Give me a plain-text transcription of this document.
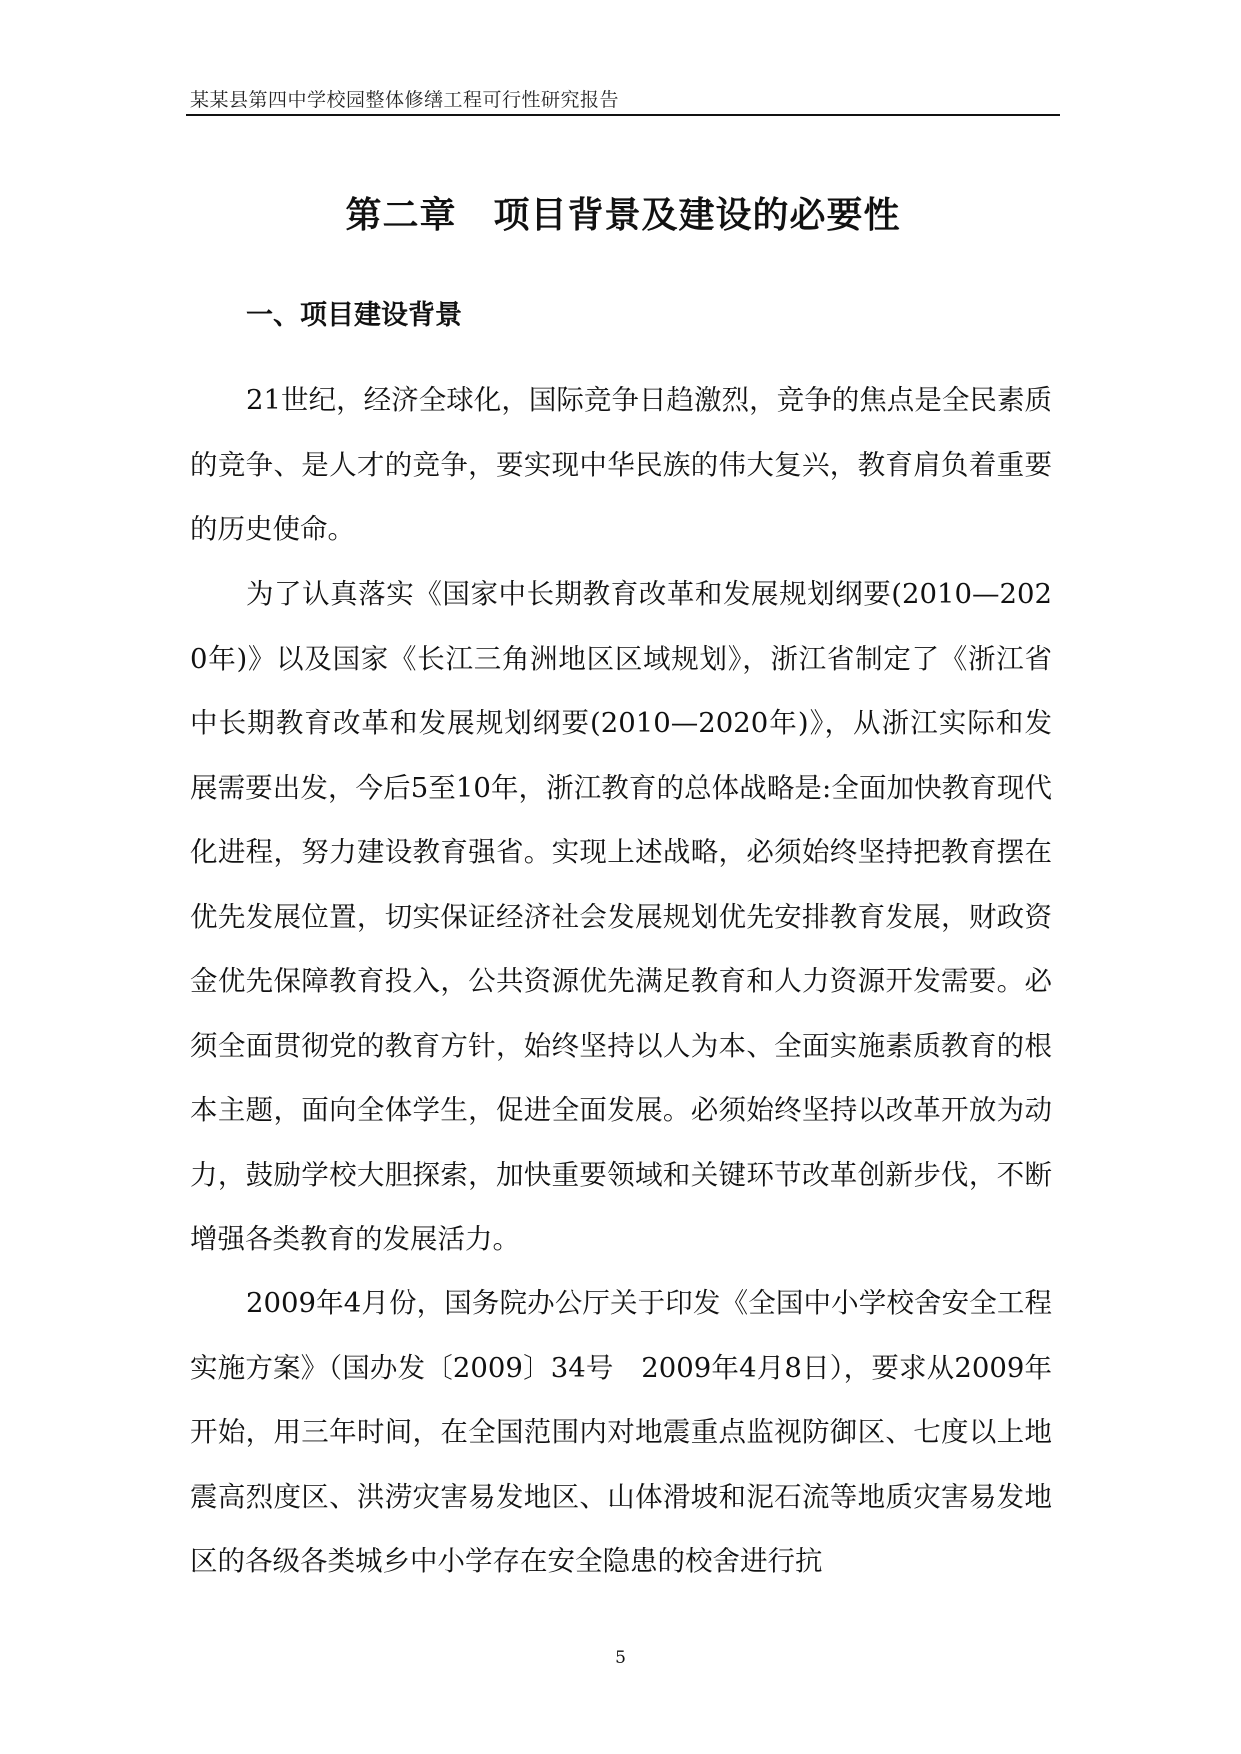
某某县第四中学校园整体修缮工程可行性研究报告
第二章　项目背景及建设的必要性
一、项目建设背景

21世纪，经济全球化，国际竞争日趋激烈，竞争的焦点是全民素质的竞争、是人才的竞争，要实现中华民族的伟大复兴，教育肩负着重要的历史使命。

为了认真落实《国家中长期教育改革和发展规划纲要(2010—2020年)》以及国家《长江三角洲地区区域规划》，浙江省制定了《浙江省中长期教育改革和发展规划纲要(2010—2020年)》，从浙江实际和发展需要出发，今后5至10年，浙江教育的总体战略是:全面加快教育现代化进程，努力建设教育强省。实现上述战略，必须始终坚持把教育摆在优先发展位置，切实保证经济社会发展规划优先安排教育发展，财政资金优先保障教育投入，公共资源优先满足教育和人力资源开发需要。必须全面贯彻党的教育方针，始终坚持以人为本、全面实施素质教育的根本主题，面向全体学生，促进全面发展。必须始终坚持以改革开放为动力，鼓励学校大胆探索，加快重要领域和关键环节改革创新步伐，不断增强各类教育的发展活力。

2009年4月份，国务院办公厅关于印发《全国中小学校舍安全工程实施方案》（国办发〔2009〕34号　2009年4月8日），要求从2009年开始，用三年时间，在全国范围内对地震重点监视防御区、七度以上地震高烈度区、洪涝灾害易发地区、山体滑坡和泥石流等地质灾害易发地区的各级各类城乡中小学存在安全隐患的校舍进行抗

5
